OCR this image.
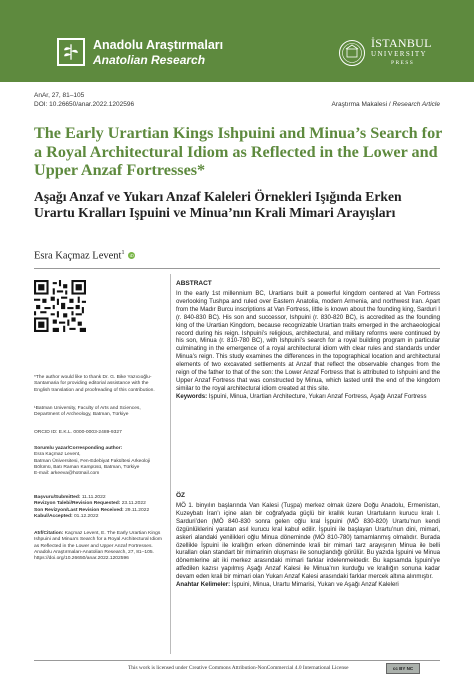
Anadolu Araştırmaları
Anatolian Research
İSTANBUL
UNIVERSITY
PRESS
AnAr, 27, 81–105
DOI: 10.26650/anar.2022.1202596	Araştırma Makalesi / Research Article
The Early Urartian Kings Ishpuini and Minua’s Search for a Royal Architectural Idiom as Reflected in the Lower and Upper Anzaf Fortresses*
Aşağı Anzaf ve Yukarı Anzaf Kaleleri Örnekleri Işığında Erken Urartu Kralları Işpuini ve Minua’nın Krali Mimari Arayışları
Esra Kaçmaz Levent$^1$ iD
*The author would like to thank Dr. G. Bike Yazıcıoğlu-Santamaria for providing editorial assistance with the English translation and proofreading of this contribution.
¹Batman University, Faculty of Arts and Sciences, Department of Archeology, Batman, Türkiye
ORCID ID: E.K.L. 0000-0003-2489-9327
Sorumlu yazar/Corresponding author:
Esra Kaçmaz Levent,
Batman Üniversitesi, Fen-Edebiyat Fakültesi Arkeoloji Bölümü, Batı Raman Kampüsü, Batman, Türkiye
E-mail: arkeeva@hotmail.com
Başvuru/Submitted: 11.11.2022
Revizyon Talebi/Revision Requested: 23.11.2022
Son Revizyon/Last Revision Received: 29.11.2022
Kabul/Accepted: 01.12.2022
Atıf/Citation: Kaçmaz Levent, E. The Early Urartian Kings Ishpuini and Minua’s Search for a Royal Architectural Idiom as Reflected in the Lower and Upper Anzaf Fortresses. Anadolu Araştırmaları-Anatolian Research, 27, 81–105. https://doi.org/10.26650/anar.2022.1202596
ABSTRACT
In the early 1st millennium BC, Urartians built a powerful kingdom centered at Van Fortress overlooking Tushpa and ruled over Eastern Anatolia, modern Armenia, and northwest Iran. Apart from the Madır Burcu inscriptions at Van Fortress, little is known about the founding king, Sarduri I (r. 840-830 BC). His son and successor, Ishpuini (r. 830-820 BC), is accredited as the founding king of the Urartian Kingdom, because recognizable Urartian traits emerged in the archaeological record during his reign. Ishpuini’s religious, architectural, and military reforms were continued by his son, Minua (r. 810-780 BC), with Ishpuini’s search for a royal building program in particular culminating in the emergence of a royal architectural idiom with clear rules and standards under Minua’s reign. This study examines the differences in the topographical location and architectural elements of two excavated settlements at Anzaf that reflect the observable changes from the reign of the father to that of the son: the Lower Anzaf Fortress that is attributed to Ishpuini and the Upper Anzaf Fortress that was constructed by Minua, which lasted until the end of the kingdom similar to the royal architectural idiom created at this site.
Keywords: Işpuini, Minua, Urartian Architecture, Yukarı Anzaf Fortress, Aşağı Anzaf Fortress
ÖZ
MÖ 1. binyılın başlarında Van Kalesi (Tuşpa) merkez olmak üzere Doğu Anadolu, Ermenistan, Kuzeybatı İran’ı içine alan bir coğrafyada güçlü bir krallık kuran Urartuların kurucu kralı I. Sarduri’den (MÖ 840-830 sonra gelen oğlu kral İşpuini (MÖ 830-820) Urartu’nun kendi özgünlüklerini yaratan asıl kurucu kral kabul edilir. İşpuini ile başlayan Urartu’nun dini, mimari, askeri alandaki yenilikleri oğlu Minua döneminde (MÖ 810-780) tamamlanmış olmalıdır. Burada özellikle İşpuini ile krallığın erken döneminde krali bir mimari tarz arayışının Minua ile belli kuralları olan standart bir mimarinin oluşması ile sonuçlandığı görülür. Bu yazıda İşpuini ve Minua dönemlerine ait iki merkez arasındaki mimari farklar irdelenmektedir. Bu kapsamda İşpuini’ye atfedilen kazısı yapılmış Aşağı Anzaf Kalesi ile Minua’nın kurduğu ve krallığın sonuna kadar devam eden krali bir mimari olan Yukarı Anzaf Kalesi arasındaki farklar mercek altına alınmıştır.
Anahtar Kelimeler: İşpuini, Minua, Urartu Mimarisi, Yukarı ve Aşağı Anzaf Kaleleri
This work is licensed under Creative Commons Attribution-NonCommercial 4.0 International License	cc BY NC
